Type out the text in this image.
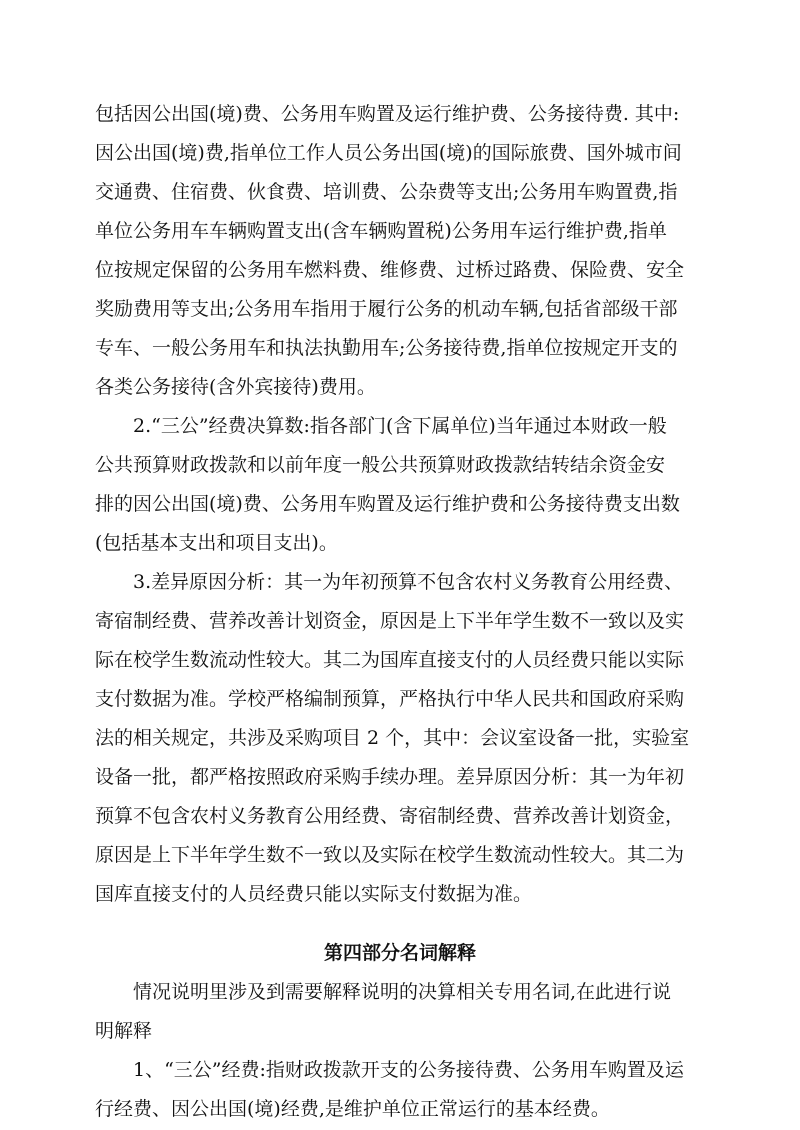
包括因公出国(境)费、公务用车购置及运行维护费、公务接待费. 其中:
因公出国(境)费,指单位工作人员公务出国(境)的国际旅费、国外城市间
交通费、住宿费、伙食费、培训费、公杂费等支出;公务用车购置费,指
单位公务用车车辆购置支出(含车辆购置税)公务用车运行维护费,指单
位按规定保留的公务用车燃料费、维修费、过桥过路费、保险费、安全
奖励费用等支出;公务用车指用于履行公务的机动车辆,包括省部级干部
专车、一般公务用车和执法执勤用车;公务接待费,指单位按规定开支的
各类公务接待(含外宾接待)费用。
2.“三公”经费决算数:指各部门(含下属单位)当年通过本财政一般
公共预算财政拨款和以前年度一般公共预算财政拨款结转结余资金安
排的因公出国(境)费、公务用车购置及运行维护费和公务接待费支出数
(包括基本支出和项目支出)。
3.差异原因分析：其一为年初预算不包含农村义务教育公用经费、
寄宿制经费、营养改善计划资金，原因是上下半年学生数不一致以及实
际在校学生数流动性较大。其二为国库直接支付的人员经费只能以实际
支付数据为准。学校严格编制预算，严格执行中华人民共和国政府采购
法的相关规定，共涉及采购项目 2 个，其中：会议室设备一批，实验室
设备一批，都严格按照政府采购手续办理。差异原因分析：其一为年初
预算不包含农村义务教育公用经费、寄宿制经费、营养改善计划资金，
原因是上下半年学生数不一致以及实际在校学生数流动性较大。其二为
国库直接支付的人员经费只能以实际支付数据为准。
第四部分名词解释
情况说明里涉及到需要解释说明的决算相关专用名词,在此进行说
明解释
1、“三公”经费:指财政拨款开支的公务接待费、公务用车购置及运
行经费、因公出国(境)经费,是维护单位正常运行的基本经费。
